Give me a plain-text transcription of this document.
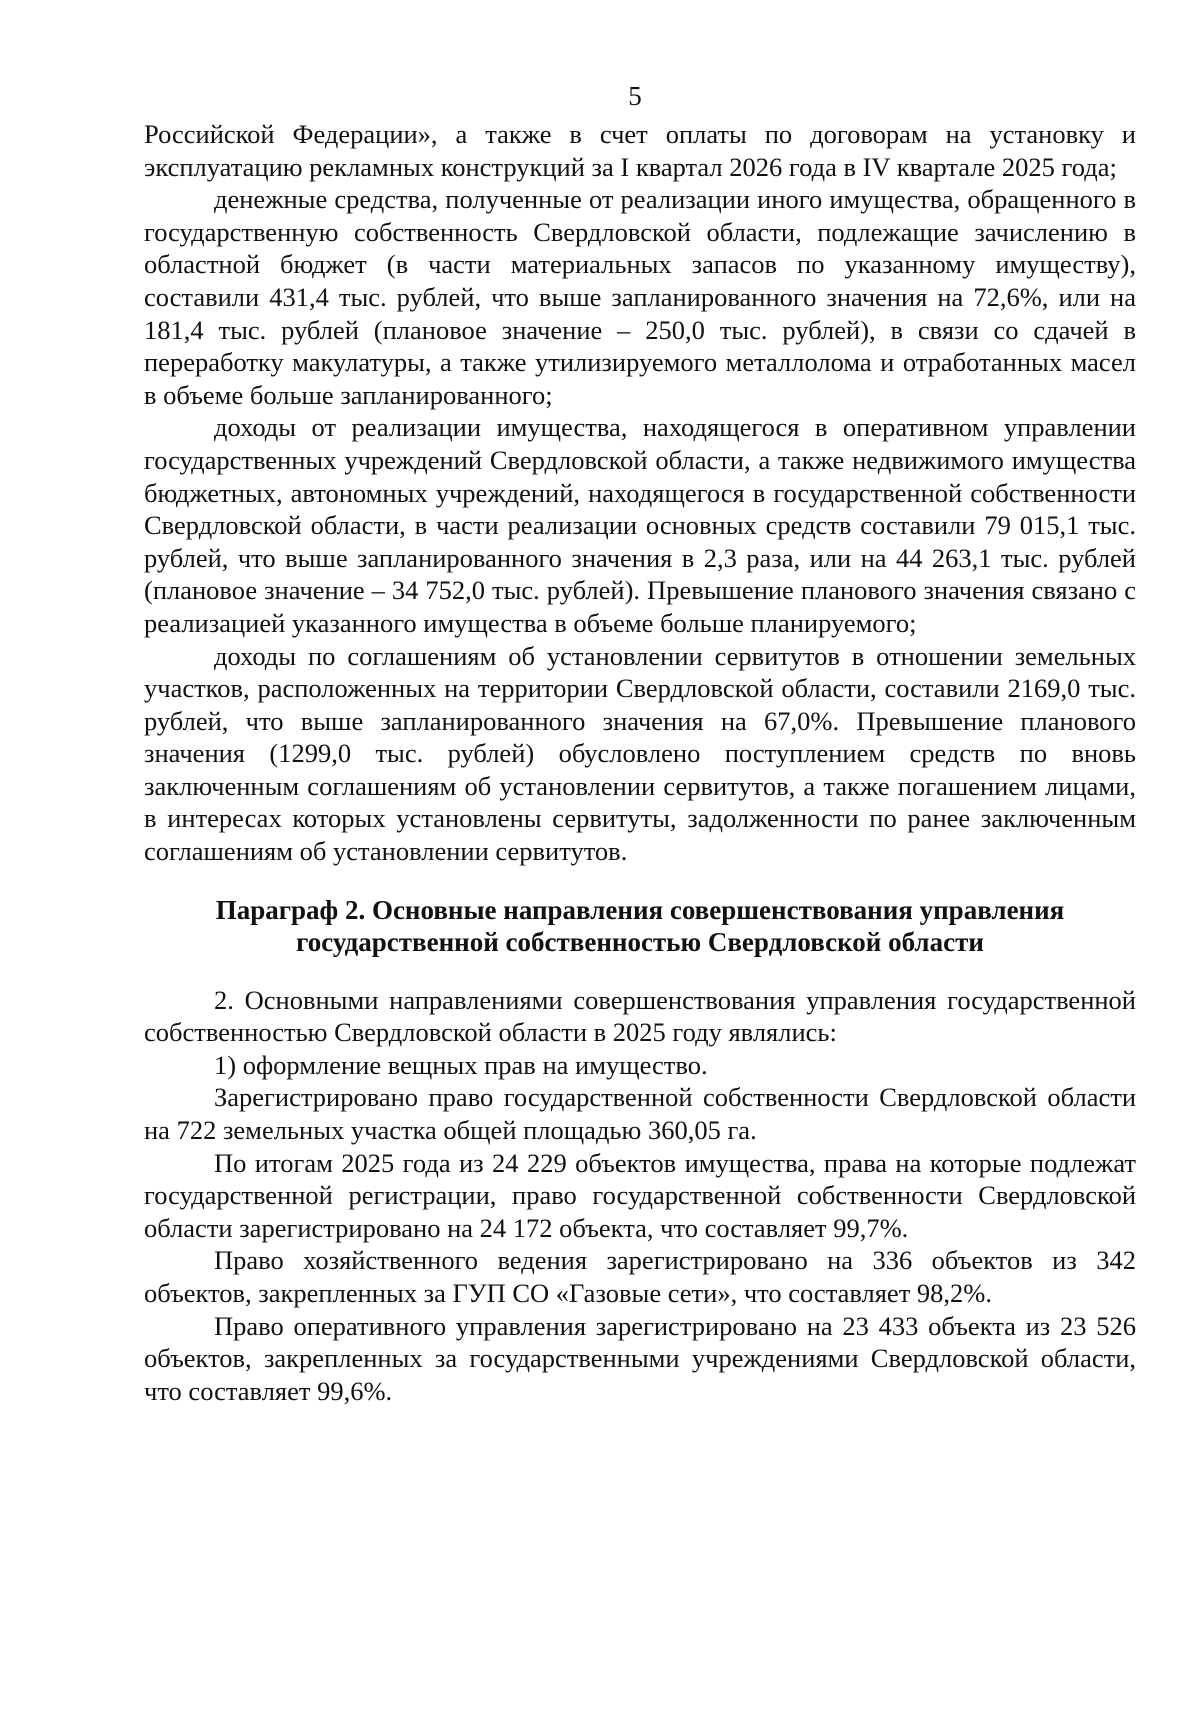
5

Российской Федерации», а также в счет оплаты по договорам на установку и эксплуатацию рекламных конструкций за I квартал 2026 года в IV квартале 2025 года;

денежные средства, полученные от реализации иного имущества, обращенного в государственную собственность Свердловской области, подлежащие зачислению в областной бюджет (в части материальных запасов по указанному имуществу), составили 431,4 тыс. рублей, что выше запланированного значения на 72,6%, или на 181,4 тыс. рублей (плановое значение – 250,0 тыс. рублей), в связи со сдачей в переработку макулатуры, а также утилизируемого металлолома и отработанных масел в объеме больше запланированного;

доходы от реализации имущества, находящегося в оперативном управлении государственных учреждений Свердловской области, а также недвижимого имущества бюджетных, автономных учреждений, находящегося в государственной собственности Свердловской области, в части реализации основных средств составили 79 015,1 тыс. рублей, что выше запланированного значения в 2,3 раза, или на 44 263,1 тыс. рублей (плановое значение – 34 752,0 тыс. рублей). Превышение планового значения связано с реализацией указанного имущества в объеме больше планируемого;

доходы по соглашениям об установлении сервитутов в отношении земельных участков, расположенных на территории Свердловской области, составили 2169,0 тыс. рублей, что выше запланированного значения на 67,0%. Превышение планового значения (1299,0 тыс. рублей) обусловлено поступлением средств по вновь заключенным соглашениям об установлении сервитутов, а также погашением лицами, в интересах которых установлены сервитуты, задолженности по ранее заключенным соглашениям об установлении сервитутов.

Параграф 2. Основные направления совершенствования управления
государственной собственностью Свердловской области

2. Основными направлениями совершенствования управления государственной собственностью Свердловской области в 2025 году являлись:

1) оформление вещных прав на имущество.

Зарегистрировано право государственной собственности Свердловской области на 722 земельных участка общей площадью 360,05 га.

По итогам 2025 года из 24 229 объектов имущества, права на которые подлежат государственной регистрации, право государственной собственности Свердловской области зарегистрировано на 24 172 объекта, что составляет 99,7%.

Право хозяйственного ведения зарегистрировано на 336 объектов из 342 объектов, закрепленных за ГУП СО «Газовые сети», что составляет 98,2%.

Право оперативного управления зарегистрировано на 23 433 объекта из 23 526 объектов, закрепленных за государственными учреждениями Свердловской области, что составляет 99,6%.
